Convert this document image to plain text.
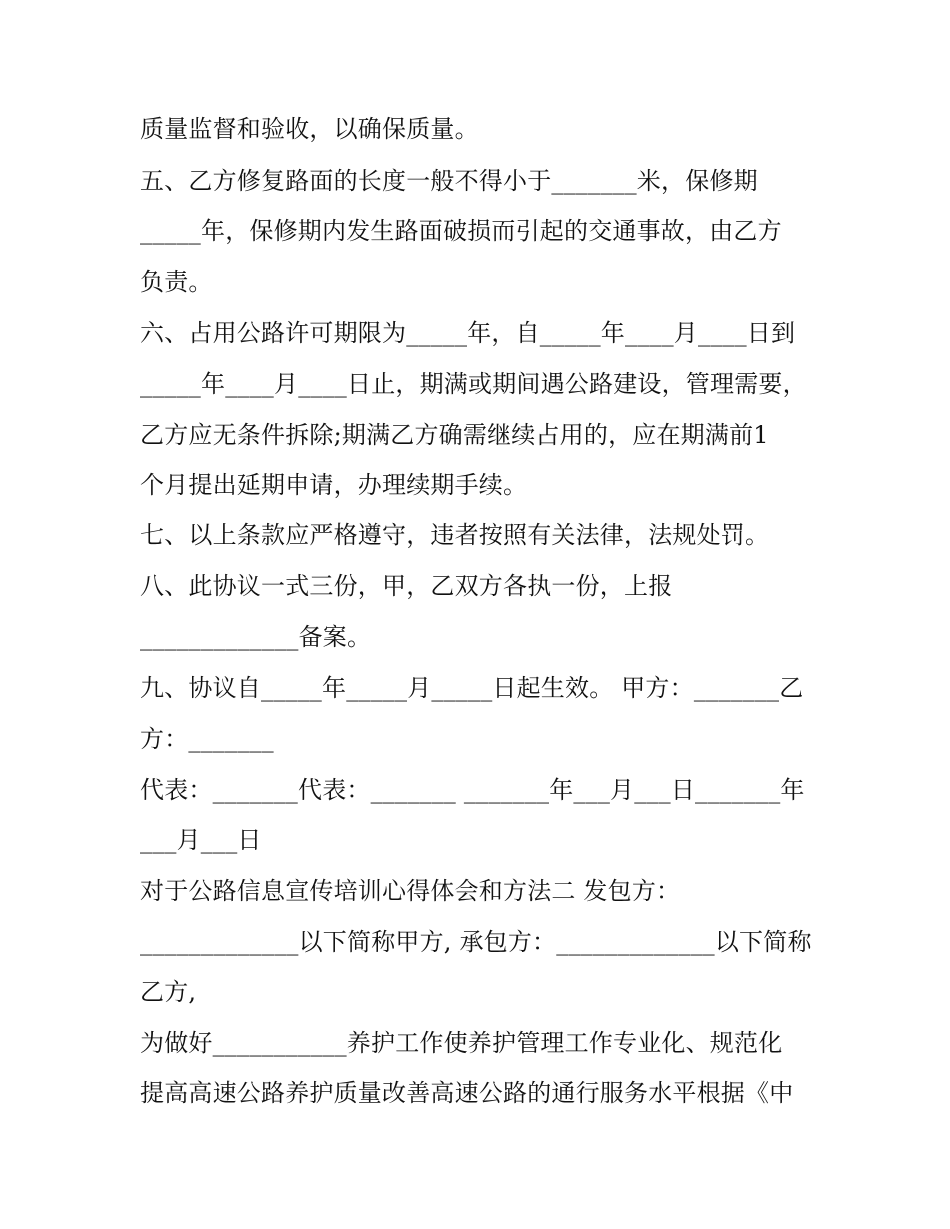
质量监督和验收，以确保质量。

五、乙方修复路面的长度一般不得小于_______米，保修期

_____年，保修期内发生路面破损而引起的交通事故，由乙方

负责。

六、占用公路许可期限为_____年，自_____年____月____日到

_____年____月____日止，期满或期间遇公路建设，管理需要，

乙方应无条件拆除;期满乙方确需继续占用的，应在期满前1

个月提出延期申请，办理续期手续。

七、以上条款应严格遵守，违者按照有关法律，法规处罚。

八、此协议一式三份，甲，乙双方各执一份，上报

_____________备案。

九、协议自_____年_____月_____日起生效。 甲方：_______乙

方：_______

代表：_______代表：_______ _______年___月___日_______年

___月___日

对于公路信息宣传培训心得体会和方法二 发包方：

_____________以下简称甲方, 承包方：_____________以下简称

乙方,

为做好___________养护工作使养护管理工作专业化、规范化

提高高速公路养护质量改善高速公路的通行服务水平根据《中
